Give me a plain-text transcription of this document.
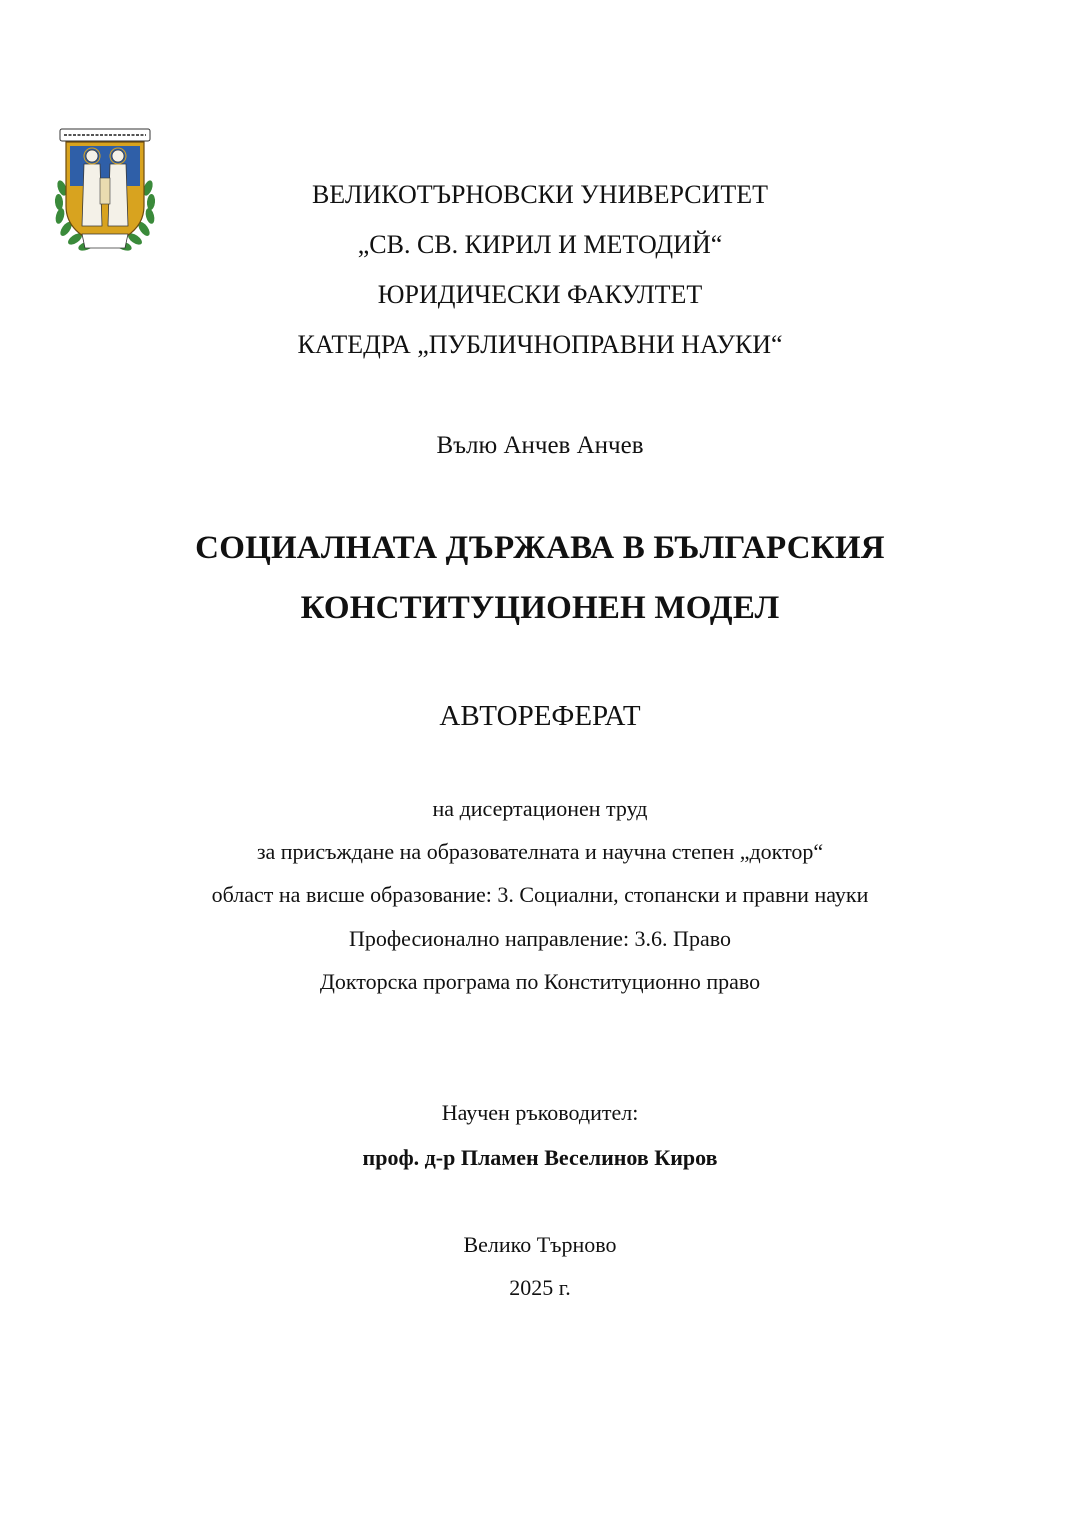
ВЕЛИКОТЪРНОВСКИ УНИВЕРСИТЕТ
„СВ. СВ. КИРИЛ И МЕТОДИЙ“
ЮРИДИЧЕСКИ ФАКУЛТЕТ
КАТЕДРА „ПУБЛИЧНОПРАВНИ НАУКИ“
Вълю Анчев Анчев
СОЦИАЛНАТА ДЪРЖАВА В БЪЛГАРСКИЯ
КОНСТИТУЦИОНЕН МОДЕЛ
АВТОРЕФЕРАТ
на дисертационен труд
за присъждане на образователната и научна степен „доктор“
област на висше образование: 3. Социални, стопански и правни науки
Професионално направление: 3.6. Право
Докторска програма по Конституционно право
Научен ръководител:
проф. д-р Пламен Веселинов Киров
Велико Търново
2025 г.
